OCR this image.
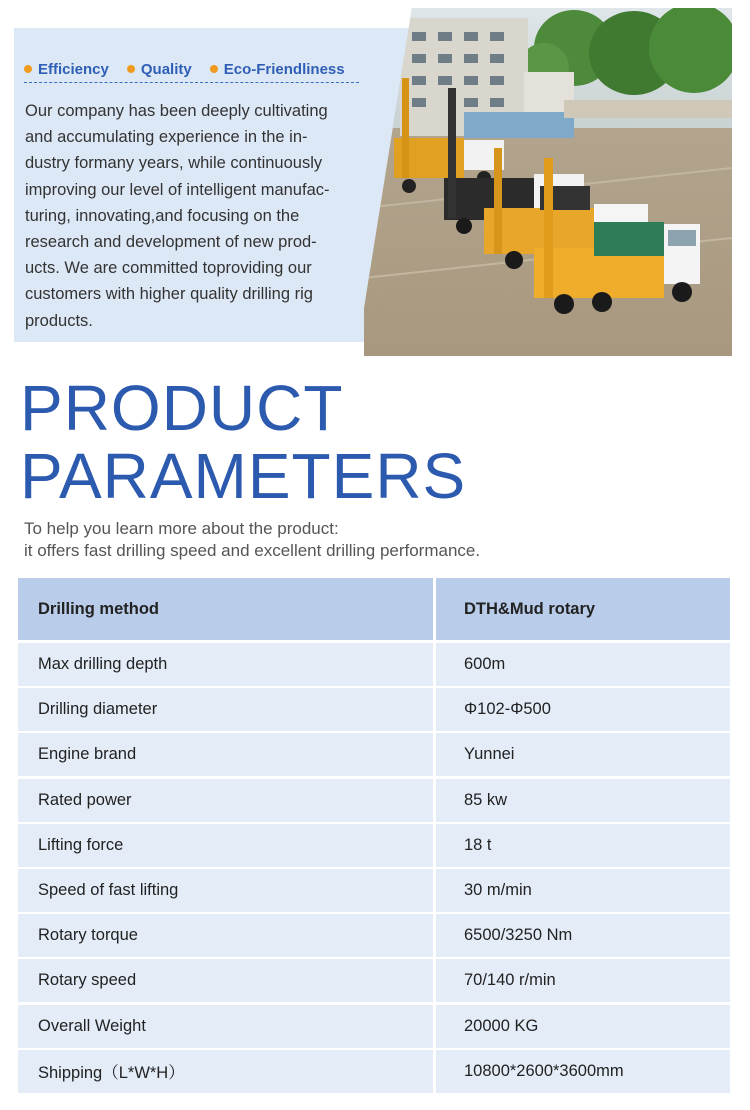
Efficiency Quality Eco-Friendliness
Our company has been deeply cultivating
and accumulating experience in the in-
dustry formany years, while continuously
improving our level of intelligent manufac-
turing, innovating,and focusing on the
research and development of new prod-
ucts. We are committed toproviding our
customers with higher quality drilling rig
products.
PRODUCT
PARAMETERS
To help you learn more about the product:
it offers fast drilling speed and excellent drilling performance.
Drilling method	DTH&Mud rotary
Max drilling depth	600m
Drilling diameter	Φ102-Φ500
Engine brand	Yunnei
Rated power	85 kw
Lifting force	18 t
Speed of fast lifting	30 m/min
Rotary torque	6500/3250 Nm
Rotary speed	70/140 r/min
Overall Weight	20000 KG
Shipping（L*W*H）	10800*2600*3600mm
